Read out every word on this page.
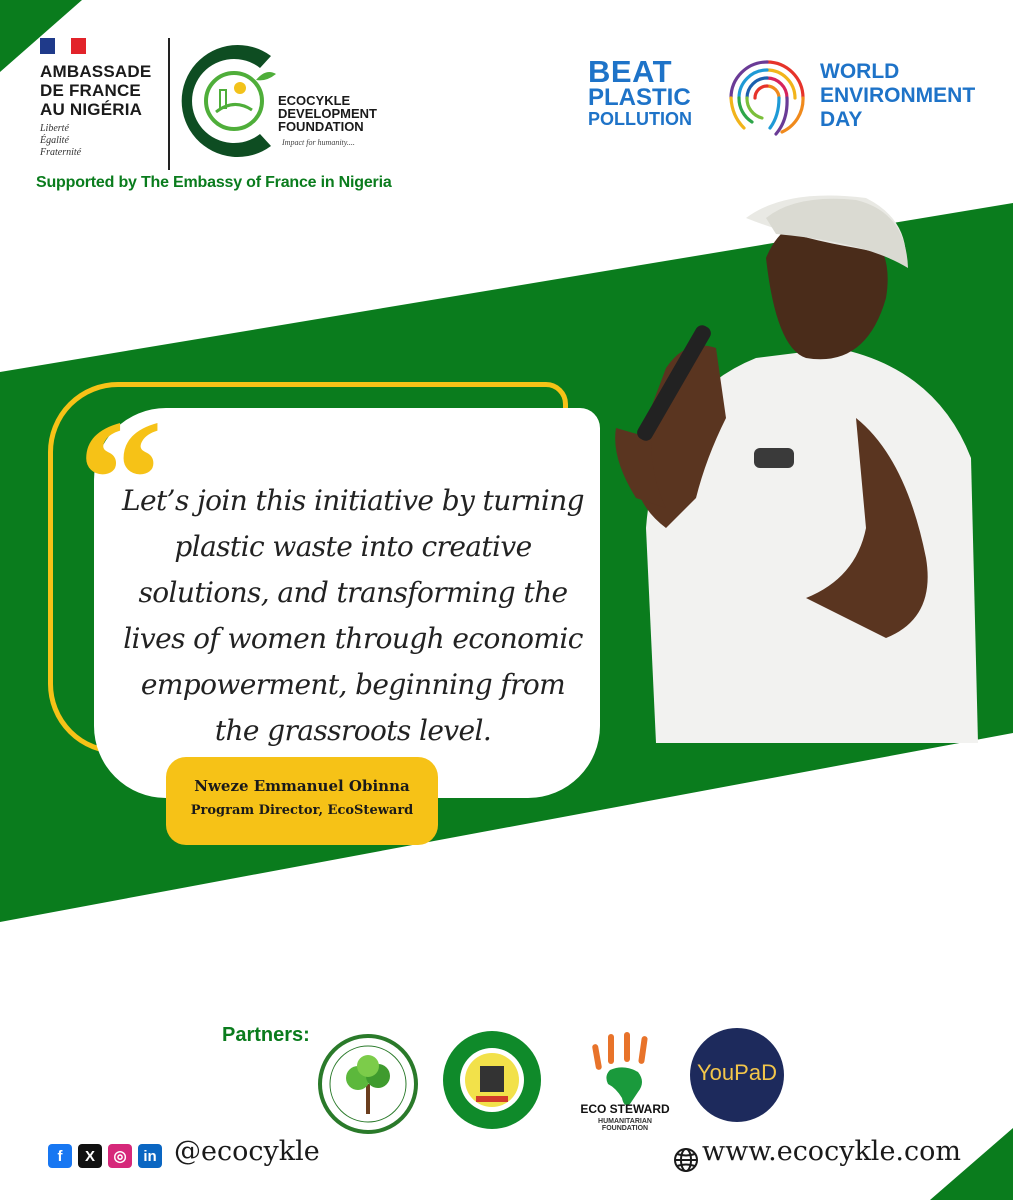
AMBASSADE
DE FRANCE
AU NIGÉRIA
Liberté
Égalité
Fraternité
ECOCYKLE
DEVELOPMENT
FOUNDATION
Impact for humanity....
Supported by The Embassy of France in Nigeria
BEAT
PLASTIC
POLLUTION
WORLD
ENVIRONMENT
DAY
“
Let’s join this initiative by turning plastic waste into creative solutions, and transforming the lives of women through economic empowerment, beginning from the grassroots level.
Nweze Emmanuel Obinna
Program Director, EcoSteward
Partners:
ECO STEWARD
HUMANITARIAN FOUNDATION
YouPaD
f	X	◎	in @ecocykle	www.ecocykle.com
